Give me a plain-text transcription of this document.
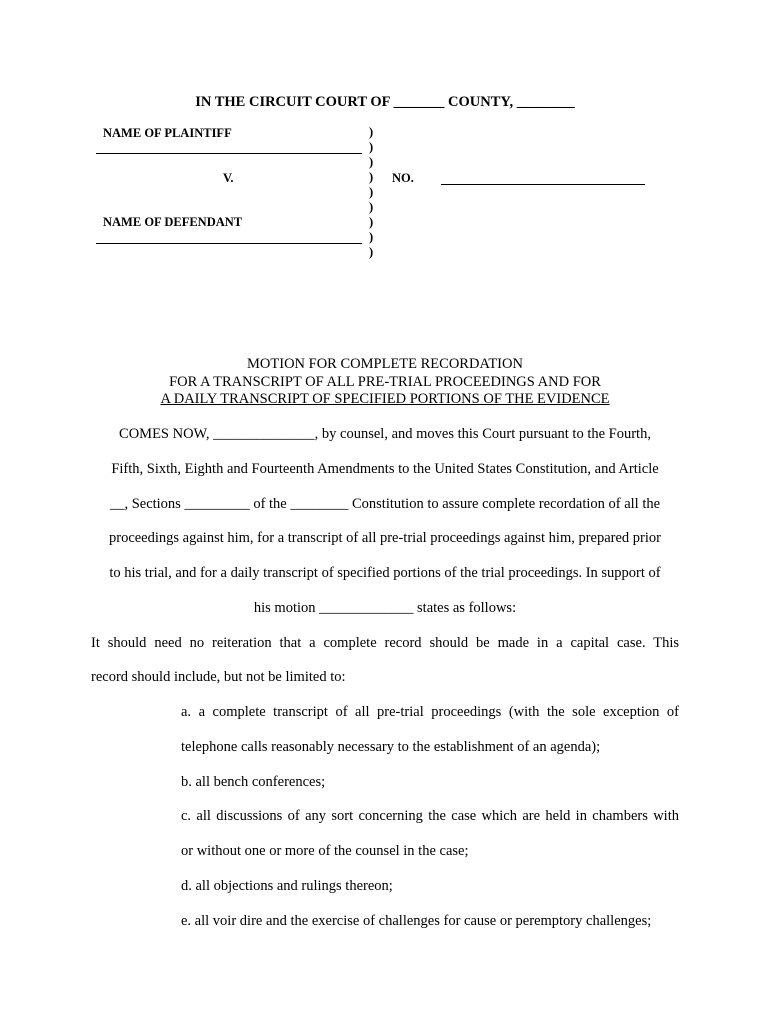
IN THE CIRCUIT COURT OF _______ COUNTY, ________
NAME OF PLAINTIFF
V.
NAME OF DEFENDANT
)
)
)
)
)
)
)
)
)
NO.
MOTION FOR COMPLETE RECORDATION
FOR A TRANSCRIPT OF ALL PRE-TRIAL PROCEEDINGS AND FOR
A DAILY TRANSCRIPT OF SPECIFIED PORTIONS OF THE EVIDENCE
COMES NOW, ______________, by counsel, and moves this Court pursuant to the Fourth,
Fifth, Sixth, Eighth and Fourteenth Amendments to the United States Constitution, and Article
__, Sections _________ of the ________ Constitution to assure complete recordation of all the
proceedings against him, for a transcript of all pre-trial proceedings against him, prepared prior
to his trial, and for a daily transcript of specified portions of the trial proceedings. In support of
his motion _____________ states as follows:
It should need no reiteration that a complete record should be made in a capital case. This
record should include, but not be limited to:
a. a complete transcript of all pre-trial proceedings (with the sole exception of
telephone calls reasonably necessary to the establishment of an agenda);
b. all bench conferences;
c. all discussions of any sort concerning the case which are held in chambers with
or without one or more of the counsel in the case;
d. all objections and rulings thereon;
e. all voir dire and the exercise of challenges for cause or peremptory challenges;
